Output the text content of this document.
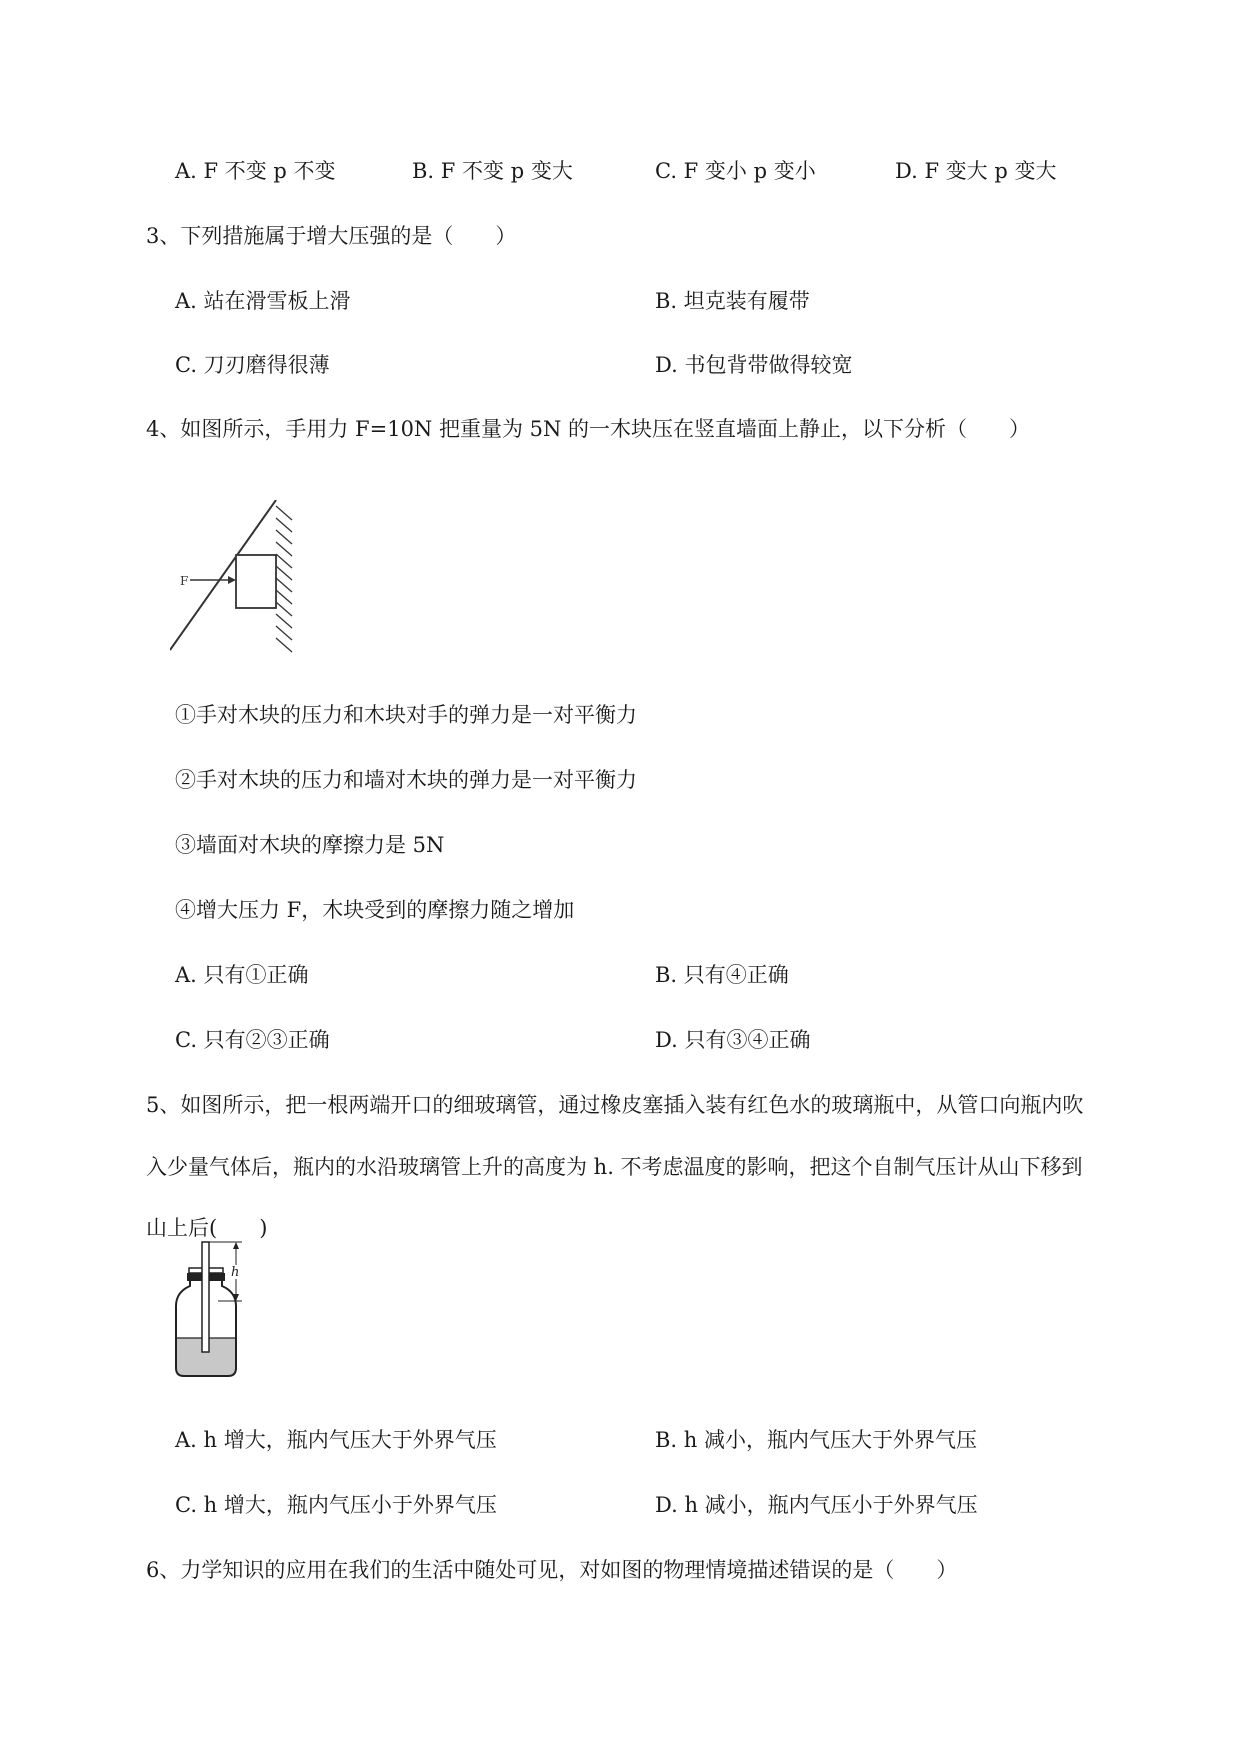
A. F 不变 p 不变	B. F 不变 p 变大	C. F 变小 p 变小	D. F 变大 p 变大
3、下列措施属于增大压强的是（　　）
A. 站在滑雪板上滑	B. 坦克装有履带
C. 刀刃磨得很薄	D. 书包背带做得较宽
4、如图所示，手用力 F=10N 把重量为 5N 的一木块压在竖直墙面上静止，以下分析（　　）
F
①手对木块的压力和木块对手的弹力是一对平衡力
②手对木块的压力和墙对木块的弹力是一对平衡力
③墙面对木块的摩擦力是 5N
④增大压力 F，木块受到的摩擦力随之增加
A. 只有①正确	B. 只有④正确
C. 只有②③正确	D. 只有③④正确
5、如图所示，把一根两端开口的细玻璃管，通过橡皮塞插入装有红色水的玻璃瓶中，从管口向瓶内吹
入少量气体后，瓶内的水沿玻璃管上升的高度为 h. 不考虑温度的影响，把这个自制气压计从山下移到
山上后(　　)
h
A. h 增大，瓶内气压大于外界气压	B. h 减小，瓶内气压大于外界气压
C. h 增大，瓶内气压小于外界气压	D. h 减小，瓶内气压小于外界气压
6、力学知识的应用在我们的生活中随处可见，对如图的物理情境描述错误的是（　　）
